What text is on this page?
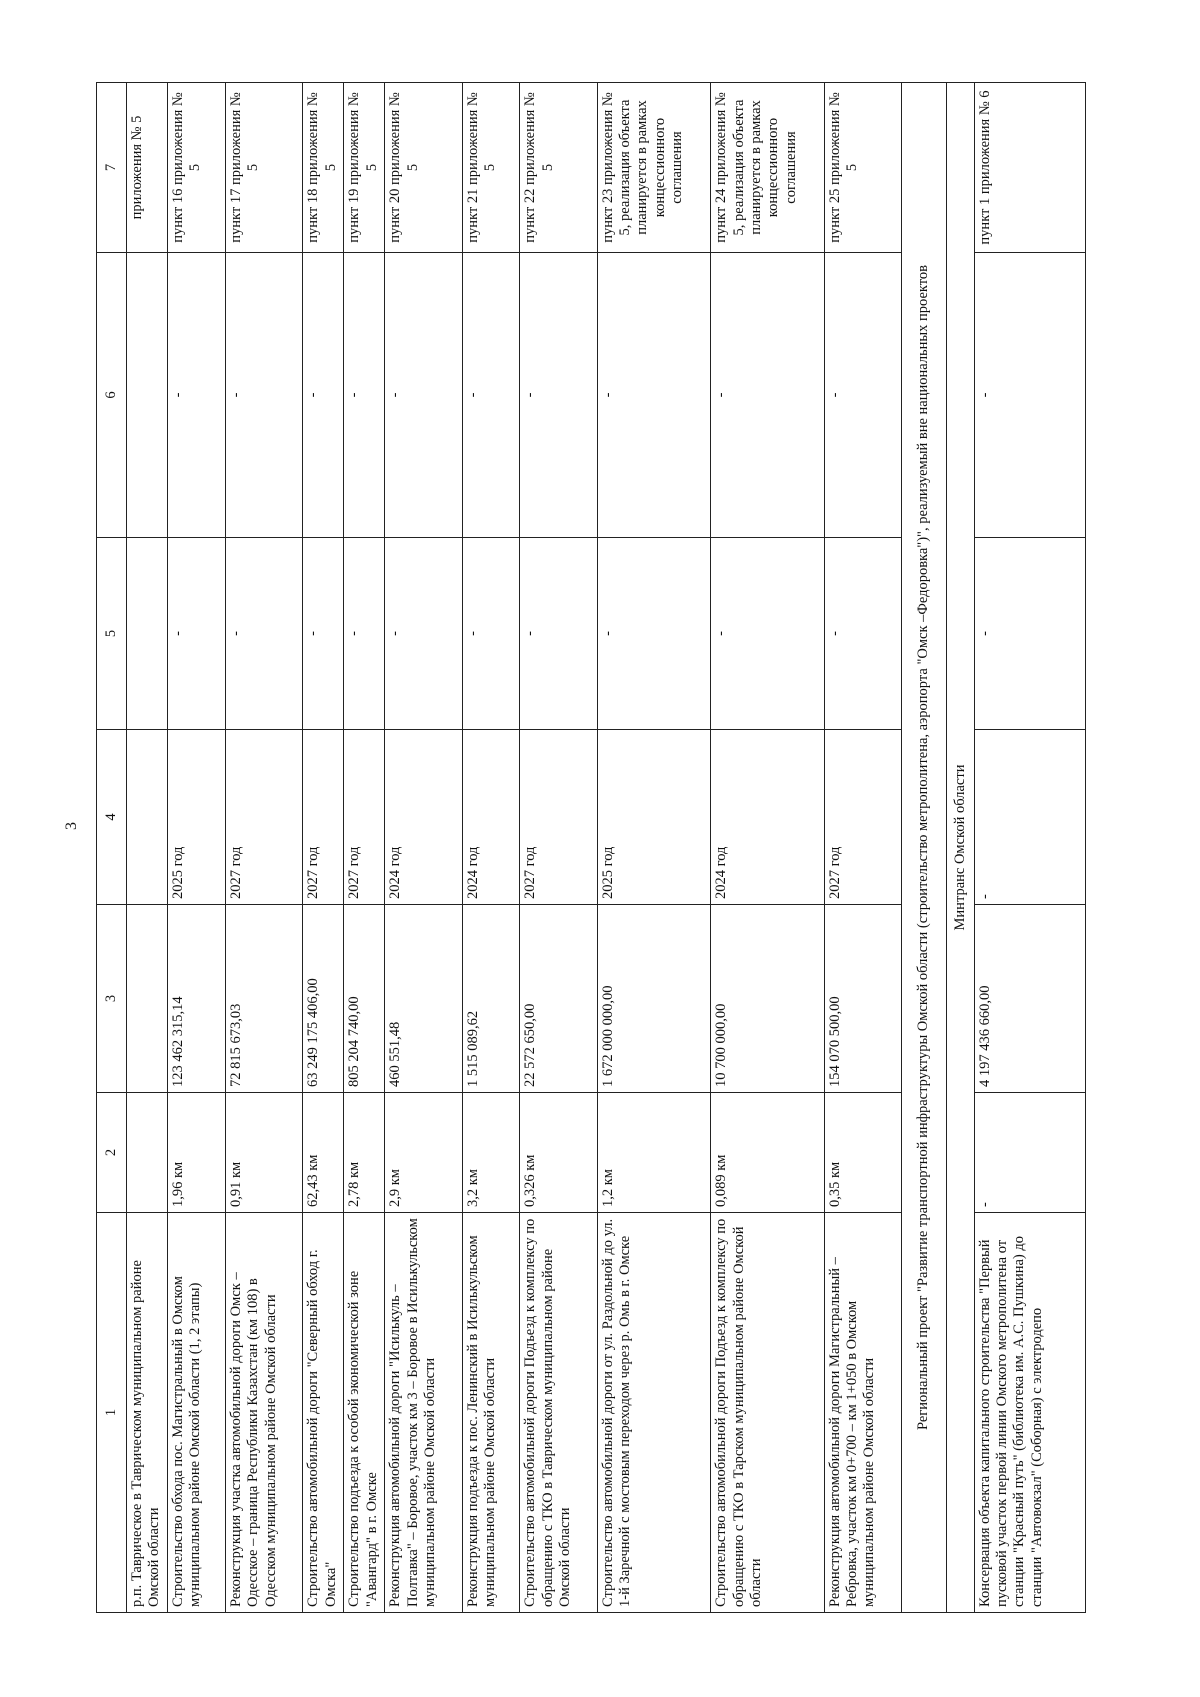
3
1	2	3	4	5	6	7
р.п. Таврическое в Таврическом муниципальном районе Омской области						приложения № 5
Строительство обхода пос. Магистральный в Омском муниципальном районе Омской области (1, 2 этапы)	1,96 км	123 462 315,14	2025 год	-	-	пункт 16 приложения № 5
Реконструкция участка автомобильной дороги Омск – Одесское – граница Республики Казахстан (км 108) в Одесском муниципальном районе Омской области	0,91 км	72 815 673,03	2027 год	-	-	пункт 17 приложения № 5
Строительство автомобильной дороги "Северный обход г. Омска"	62,43 км	63 249 175 406,00	2027 год	-	-	пункт 18 приложения № 5
Строительство подъезда к особой экономической зоне "Авангард" в г. Омске	2,78 км	805 204 740,00	2027 год	-	-	пункт 19 приложения № 5
Реконструкция автомобильной дороги "Исилькуль – Полтавка" – Боровое, участок км 3 – Боровое в Исилькульском муниципальном районе Омской области	2,9 км	460 551,48	2024 год	-	-	пункт 20 приложения № 5
Реконструкция подъезда к пос. Ленинский в Исилькульском муниципальном районе Омской области	3,2 км	1 515 089,62	2024 год	-	-	пункт 21 приложения № 5
Строительство автомобильной дороги Подъезд к комплексу по обращению с ТКО в Таврическом муниципальном районе Омской области	0,326 км	22 572 650,00	2027 год	-	-	пункт 22 приложения № 5
Строительство автомобильной дороги от ул. Раздольной до ул. 1-й Заречной с мостовым переходом через р. Омь в г. Омске	1,2 км	1 672 000 000,00	2025 год	-	-	пункт 23 приложения № 5, реализация объекта планируется в рамках концессионного соглашения
Строительство автомобильной дороги Подъезд к комплексу по обращению с ТКО в Тарском муниципальном районе Омской области	0,089 км	10 700 000,00	2024 год	-	-	пункт 24 приложения № 5, реализация объекта планируется в рамках концессионного соглашения
Реконструкция автомобильной дороги Магистральный – Ребровка, участок км 0+700 – км 1+050 в Омском муниципальном районе Омской области	0,35 км	154 070 500,00	2027 год	-	-	пункт 25 приложения № 5
Региональный проект "Развитие транспортной инфраструктуры Омской области (строительство метрополитена, аэропорта "Омск –Федоровка")", реализуемый вне национальных проектов						
Минтранс Омской области						
Консервация объекта капитального строительства "Первый пусковой участок первой линии Омского метрополитена от станции "Красный путь" (библиотека им. А.С. Пушкина) до станции "Автовокзал" (Соборная) с электродепо	-	4 197 436 660,00	-	-	-	пункт 1 приложения № 6
